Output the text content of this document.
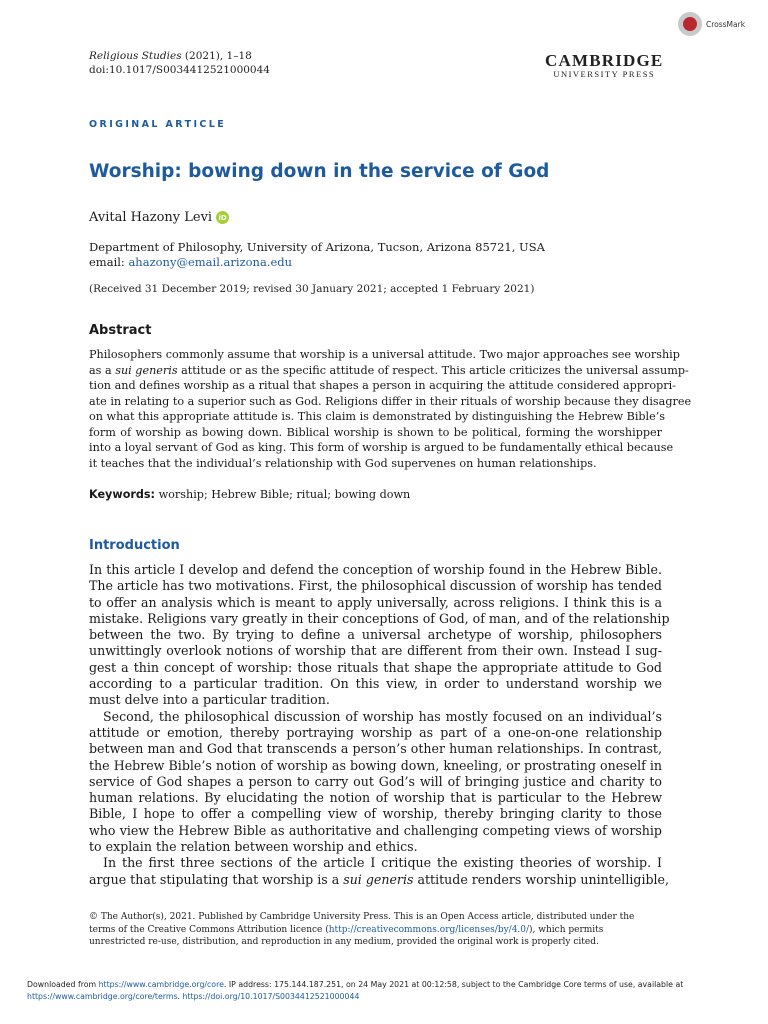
Religious Studies (2021), 1–18
doi:10.1017/S0034412521000044
CrossMark
CAMBRIDGE
UNIVERSITY PRESS
ORIGINAL ARTICLE
Worship: bowing down in the service of God
Avital Hazony Levi iD
Department of Philosophy, University of Arizona, Tucson, Arizona 85721, USA
email: ahazony@email.arizona.edu
(Received 31 December 2019; revised 30 January 2021; accepted 1 February 2021)
Abstract
Philosophers commonly assume that worship is a universal attitude. Two major approaches see worship
as a sui generis attitude or as the specific attitude of respect. This article criticizes the universal assump-
tion and defines worship as a ritual that shapes a person in acquiring the attitude considered appropri-
ate in relating to a superior such as God. Religions differ in their rituals of worship because they disagree
on what this appropriate attitude is. This claim is demonstrated by distinguishing the Hebrew Bible’s
form of worship as bowing down. Biblical worship is shown to be political, forming the worshipper
into a loyal servant of God as king. This form of worship is argued to be fundamentally ethical because
it teaches that the individual’s relationship with God supervenes on human relationships.
Keywords: worship; Hebrew Bible; ritual; bowing down
Introduction
In this article I develop and defend the conception of worship found in the Hebrew Bible.
The article has two motivations. First, the philosophical discussion of worship has tended
to offer an analysis which is meant to apply universally, across religions. I think this is a
mistake. Religions vary greatly in their conceptions of God, of man, and of the relationship
between the two. By trying to define a universal archetype of worship, philosophers
unwittingly overlook notions of worship that are different from their own. Instead I sug-
gest a thin concept of worship: those rituals that shape the appropriate attitude to God
according to a particular tradition. On this view, in order to understand worship we
must delve into a particular tradition.
Second, the philosophical discussion of worship has mostly focused on an individual’s
attitude or emotion, thereby portraying worship as part of a one-on-one relationship
between man and God that transcends a person’s other human relationships. In contrast,
the Hebrew Bible’s notion of worship as bowing down, kneeling, or prostrating oneself in
service of God shapes a person to carry out God’s will of bringing justice and charity to
human relations. By elucidating the notion of worship that is particular to the Hebrew
Bible, I hope to offer a compelling view of worship, thereby bringing clarity to those
who view the Hebrew Bible as authoritative and challenging competing views of worship
to explain the relation between worship and ethics.
In the first three sections of the article I critique the existing theories of worship. I
argue that stipulating that worship is a sui generis attitude renders worship unintelligible,
© The Author(s), 2021. Published by Cambridge University Press. This is an Open Access article, distributed under the terms of the Creative Commons Attribution licence (http://creativecommons.org/licenses/by/4.0/), which permits unrestricted re-use, distribution, and reproduction in any medium, provided the original work is properly cited.
Downloaded from https://www.cambridge.org/core. IP address: 175.144.187.251, on 24 May 2021 at 00:12:58, subject to the Cambridge Core terms of use, available at https://www.cambridge.org/core/terms. https://doi.org/10.1017/S0034412521000044
